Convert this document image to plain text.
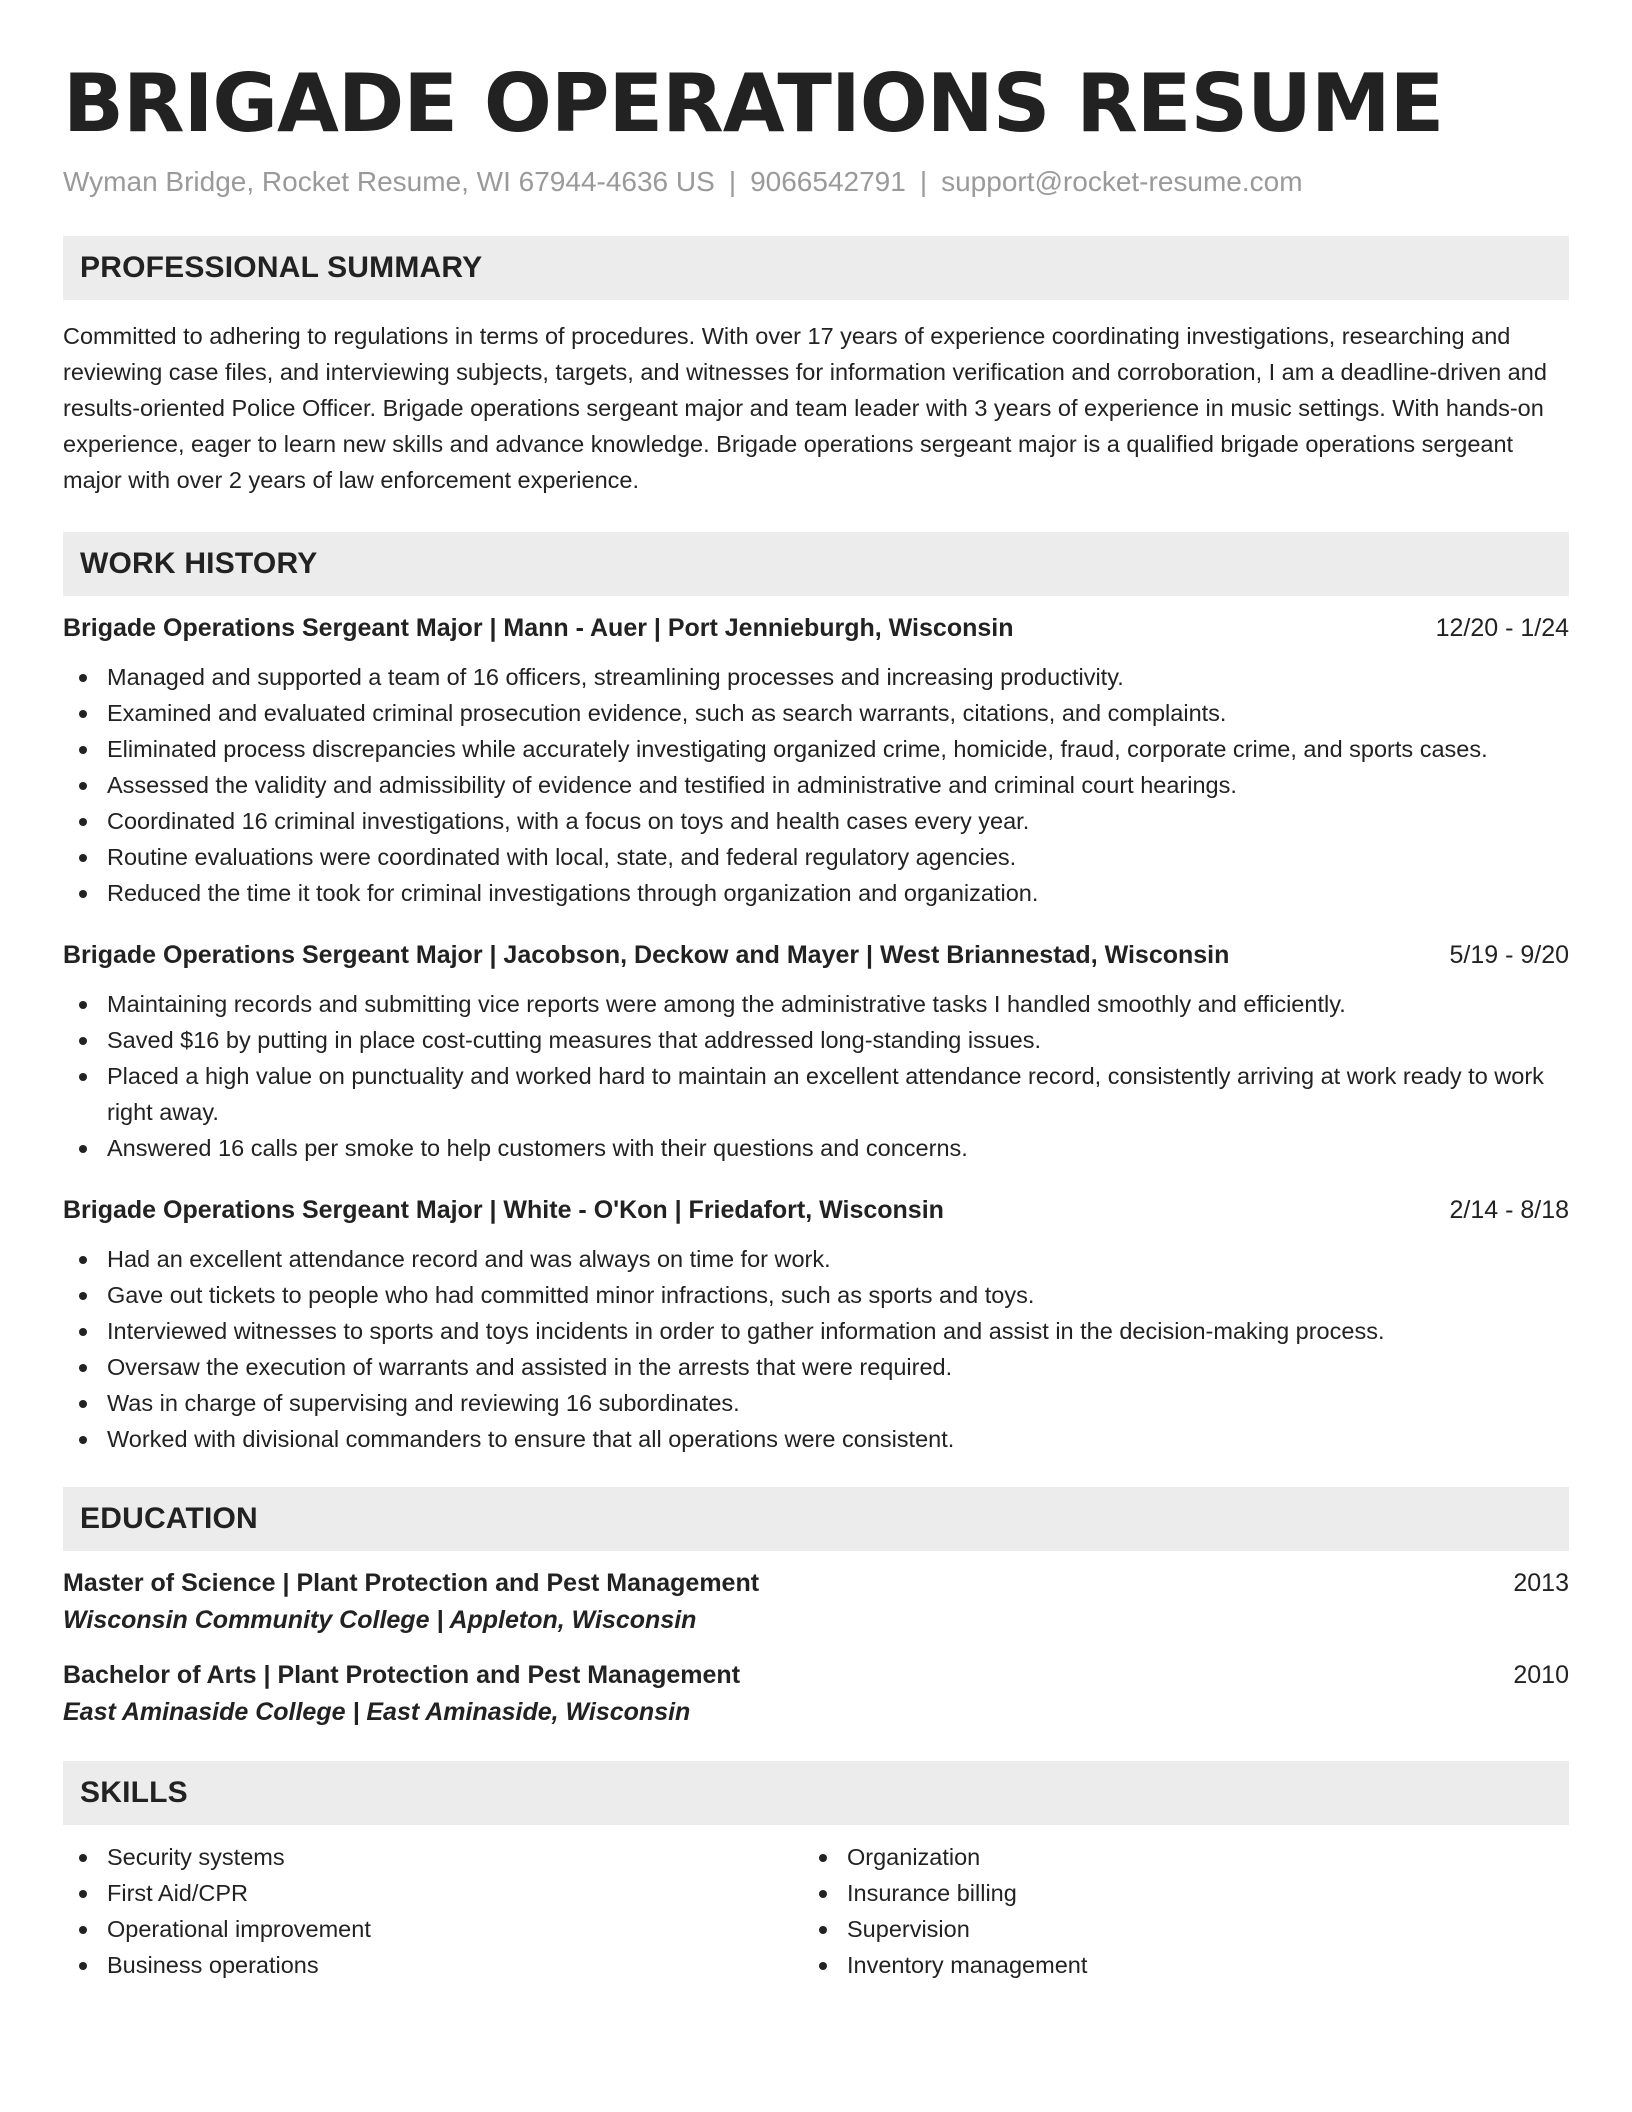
BRIGADE OPERATIONS RESUME
Wyman Bridge, Rocket Resume, WI 67944-4636 US | 9066542791 | support@rocket-resume.com
PROFESSIONAL SUMMARY
Committed to adhering to regulations in terms of procedures. With over 17 years of experience coordinating investigations, researching and reviewing case files, and interviewing subjects, targets, and witnesses for information verification and corroboration, I am a deadline-driven and results-oriented Police Officer. Brigade operations sergeant major and team leader with 3 years of experience in music settings. With hands-on experience, eager to learn new skills and advance knowledge. Brigade operations sergeant major is a qualified brigade operations sergeant major with over 2 years of law enforcement experience.
WORK HISTORY
Brigade Operations Sergeant Major | Mann - Auer | Port Jennieburgh, Wisconsin	12/20 - 1/24
Managed and supported a team of 16 officers, streamlining processes and increasing productivity.
Examined and evaluated criminal prosecution evidence, such as search warrants, citations, and complaints.
Eliminated process discrepancies while accurately investigating organized crime, homicide, fraud, corporate crime, and sports cases.
Assessed the validity and admissibility of evidence and testified in administrative and criminal court hearings.
Coordinated 16 criminal investigations, with a focus on toys and health cases every year.
Routine evaluations were coordinated with local, state, and federal regulatory agencies.
Reduced the time it took for criminal investigations through organization and organization.
Brigade Operations Sergeant Major | Jacobson, Deckow and Mayer | West Briannestad, Wisconsin	5/19 - 9/20
Maintaining records and submitting vice reports were among the administrative tasks I handled smoothly and efficiently.
Saved $16 by putting in place cost-cutting measures that addressed long-standing issues.
Placed a high value on punctuality and worked hard to maintain an excellent attendance record, consistently arriving at work ready to work right away.
Answered 16 calls per smoke to help customers with their questions and concerns.
Brigade Operations Sergeant Major | White - O'Kon | Friedafort, Wisconsin	2/14 - 8/18
Had an excellent attendance record and was always on time for work.
Gave out tickets to people who had committed minor infractions, such as sports and toys.
Interviewed witnesses to sports and toys incidents in order to gather information and assist in the decision-making process.
Oversaw the execution of warrants and assisted in the arrests that were required.
Was in charge of supervising and reviewing 16 subordinates.
Worked with divisional commanders to ensure that all operations were consistent.
EDUCATION
Master of Science | Plant Protection and Pest Management	2013
Wisconsin Community College | Appleton, Wisconsin
Bachelor of Arts | Plant Protection and Pest Management	2010
East Aminaside College | East Aminaside, Wisconsin
SKILLS
Security systems
First Aid/CPR
Operational improvement
Business operations
Organization
Insurance billing
Supervision
Inventory management
